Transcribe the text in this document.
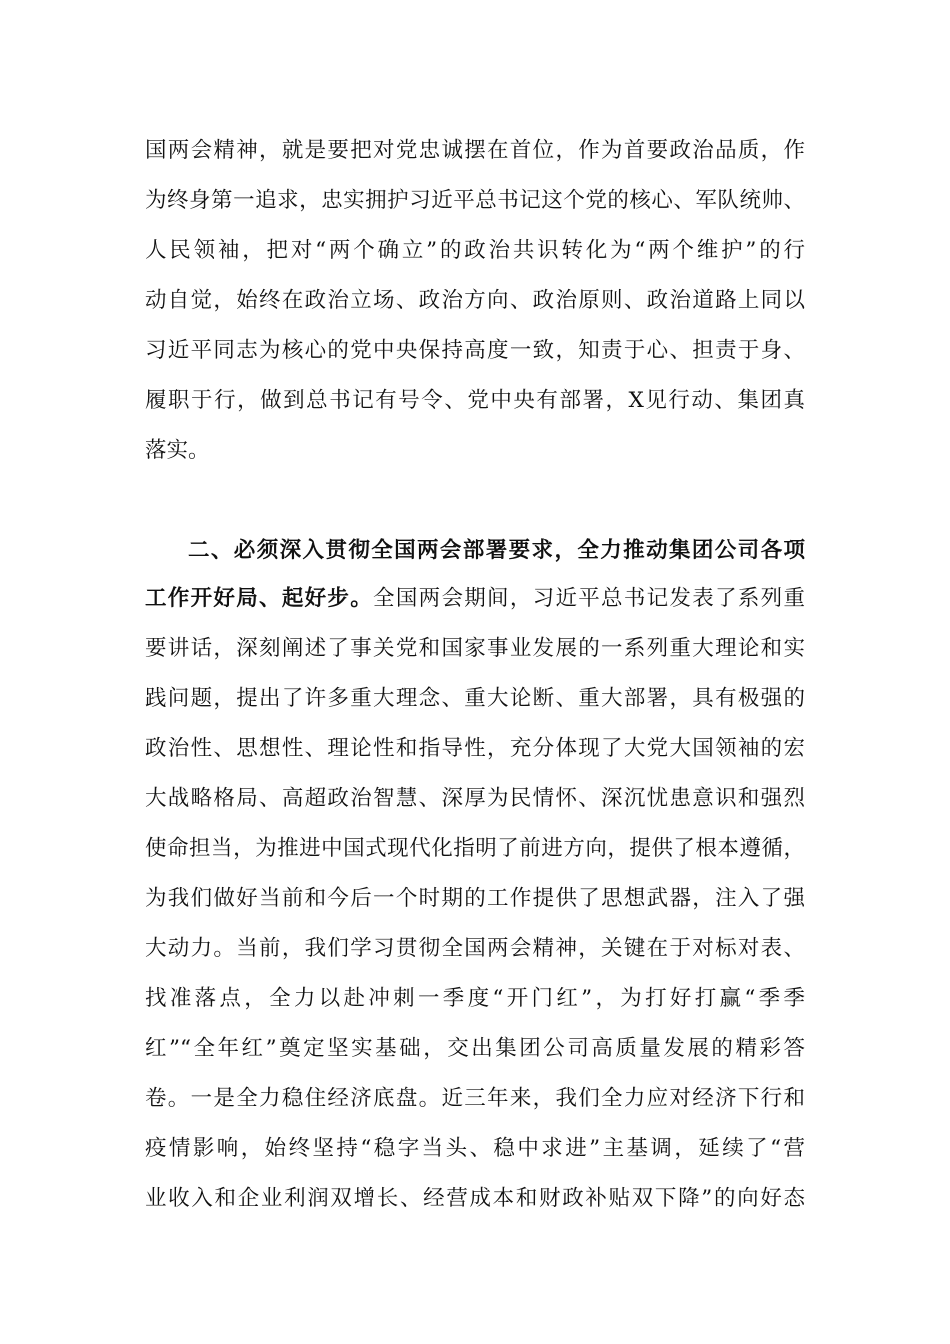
国两会精神，就是要把对党忠诚摆在首位，作为首要政治品质，作
为终身第一追求，忠实拥护习近平总书记这个党的核心、军队统帅、
人民领袖，把对“两个确立”的政治共识转化为“两个维护”的行
动自觉，始终在政治立场、政治方向、政治原则、政治道路上同以
习近平同志为核心的党中央保持高度一致，知责于心、担责于身、
履职于行，做到总书记有号令、党中央有部署，X见行动、集团真
落实。
二、必须深入贯彻全国两会部署要求，全力推动集团公司各项
工作开好局、起好步。全国两会期间，习近平总书记发表了系列重
要讲话，深刻阐述了事关党和国家事业发展的一系列重大理论和实
践问题，提出了许多重大理念、重大论断、重大部署，具有极强的
政治性、思想性、理论性和指导性，充分体现了大党大国领袖的宏
大战略格局、高超政治智慧、深厚为民情怀、深沉忧患意识和强烈
使命担当，为推进中国式现代化指明了前进方向，提供了根本遵循，
为我们做好当前和今后一个时期的工作提供了思想武器，注入了强
大动力。当前，我们学习贯彻全国两会精神，关键在于对标对表、
找准落点，全力以赴冲刺一季度“开门红”，为打好打赢“季季
红”“全年红”奠定坚实基础，交出集团公司高质量发展的精彩答
卷。一是全力稳住经济底盘。近三年来，我们全力应对经济下行和
疫情影响，始终坚持“稳字当头、稳中求进”主基调，延续了“营
业收入和企业利润双增长、经营成本和财政补贴双下降”的向好态
